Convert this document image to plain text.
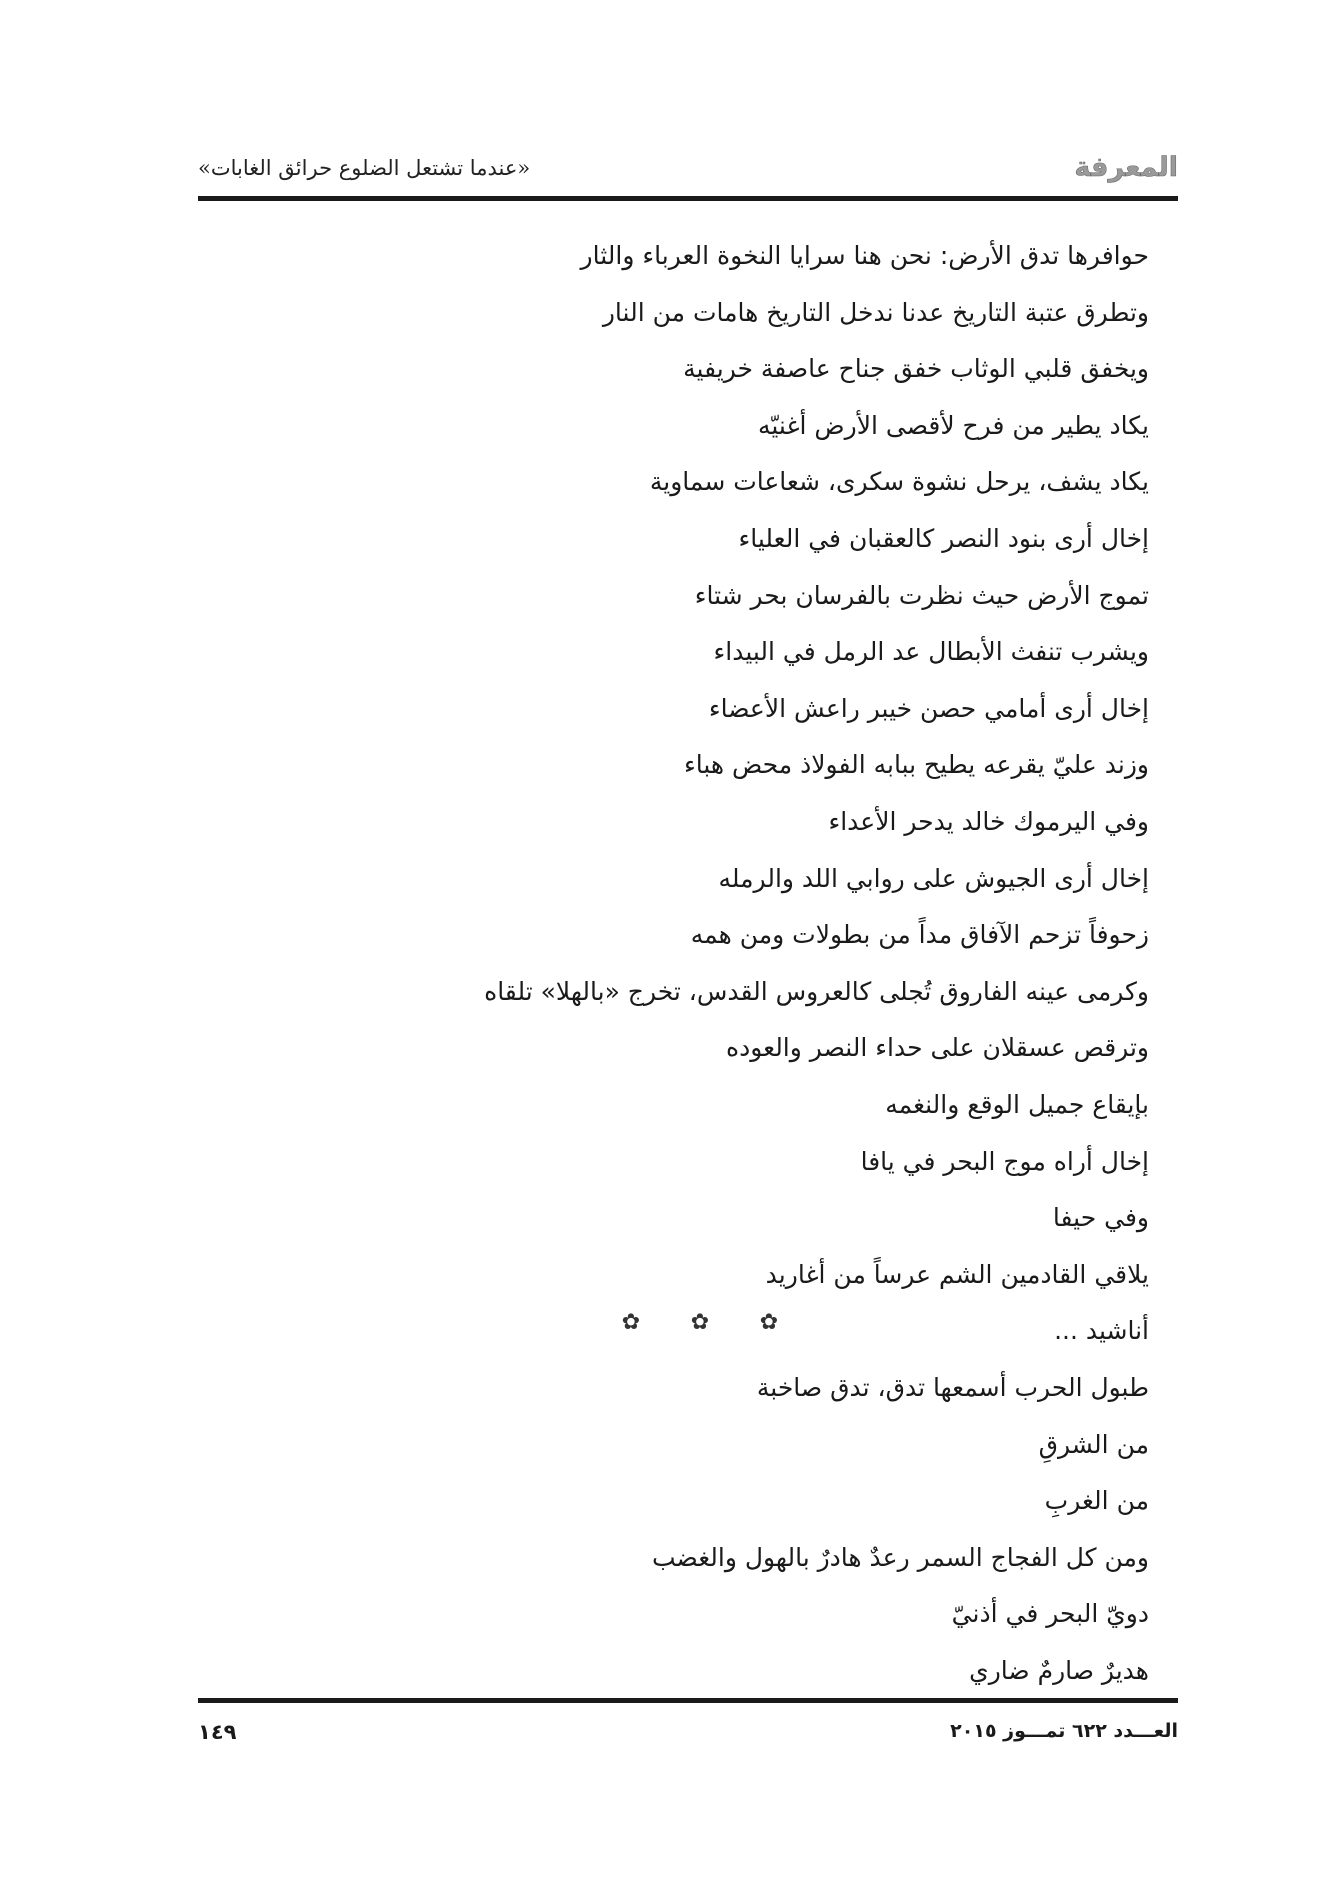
المعرفة
«عندما تشتعل الضلوع حرائق الغابات»
حوافرها تدق الأرض: نحن هنا سرايا النخوة العرباء والثار
وتطرق عتبة التاريخ عدنا ندخل التاريخ هامات من النار
ويخفق قلبي الوثاب خفق جناح عاصفة خريفية
يكاد يطير من فرح لأقصى الأرض أغنيّه
يكاد يشف، يرحل نشوة سكرى، شعاعات سماوية
إخال أرى بنود النصر كالعقبان في العلياء
تموج الأرض حيث نظرت بالفرسان بحر شتاء
ويشرب تنفث الأبطال عد الرمل في البيداء
إخال أرى أمامي حصن خيبر راعش الأعضاء
وزند عليّ يقرعه يطيح ببابه الفولاذ محض هباء
وفي اليرموك خالد يدحر الأعداء
إخال أرى الجيوش على روابي اللد والرمله
زحوفاً تزحم الآفاق مداً من بطولات ومن همه
وكرمى عينه الفاروق تُجلى كالعروس القدس، تخرج «بالهلا» تلقاه
وترقص عسقلان على حداء النصر والعوده
بإيقاع جميل الوقع والنغمه
إخال أراه موج البحر في يافا
وفي حيفا
يلاقي القادمين الشم عرساً من أغاريد
أناشيد ...
✿ ✿ ✿
طبول الحرب أسمعها تدق، تدق صاخبة
من الشرقِ
من الغربِ
ومن كل الفجاج السمر رعدٌ هادرٌ بالهول والغضب
دويّ البحر في أذنيّ
هديرٌ صارمٌ ضاري
العـــدد ٦٢٢ تمـــوز ٢٠١٥
١٤٩
